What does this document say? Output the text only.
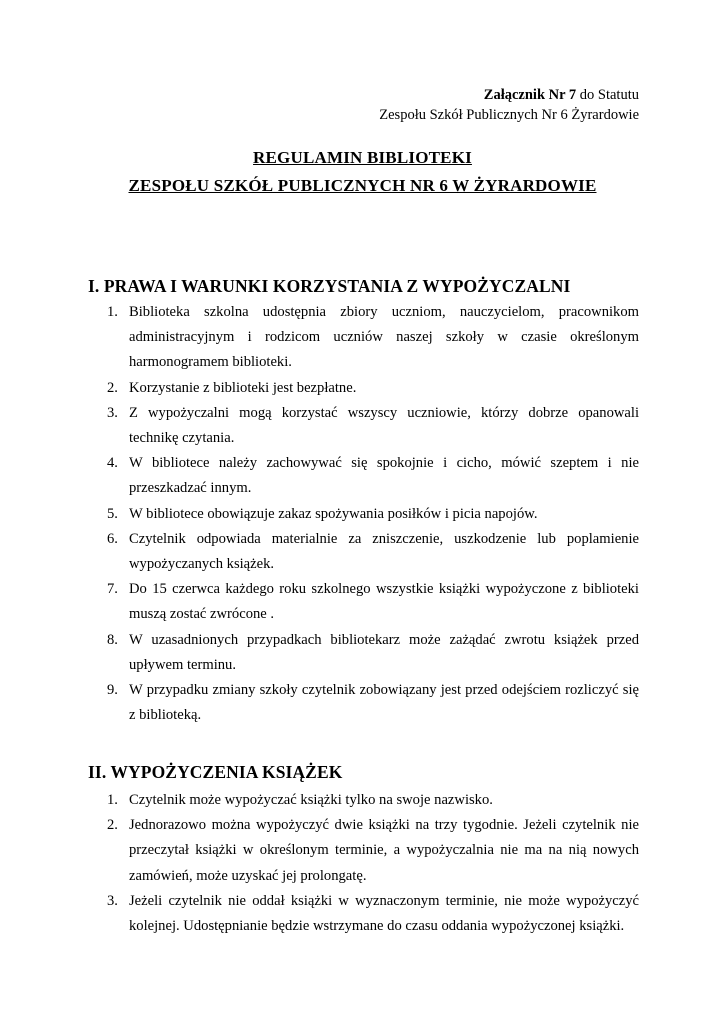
Załącznik Nr 7 do Statutu
Zespołu Szkół Publicznych Nr 6 Żyrardowie
REGULAMIN BIBLIOTEKI
ZESPOŁU SZKÓŁ PUBLICZNYCH NR 6 W ŻYRARDOWIE
I. PRAWA I WARUNKI KORZYSTANIA Z WYPOŻYCZALNI
1. Biblioteka szkolna udostępnia zbiory uczniom, nauczycielom, pracownikom administracyjnym i rodzicom uczniów naszej szkoły w czasie określonym harmonogramem biblioteki.
2. Korzystanie z biblioteki jest bezpłatne.
3. Z wypożyczalni mogą korzystać wszyscy uczniowie, którzy dobrze opanowali technikę czytania.
4. W bibliotece należy zachowywać się spokojnie i cicho, mówić szeptem i nie przeszkadzać innym.
5. W bibliotece obowiązuje zakaz spożywania posiłków i picia napojów.
6. Czytelnik odpowiada materialnie za zniszczenie, uszkodzenie lub poplamienie wypożyczanych książek.
7. Do 15 czerwca każdego roku szkolnego wszystkie książki wypożyczone z biblioteki muszą zostać zwrócone .
8. W uzasadnionych przypadkach bibliotekarz może zażądać zwrotu książek przed upływem terminu.
9. W przypadku zmiany szkoły czytelnik zobowiązany jest przed odejściem rozliczyć się z biblioteką.
II. WYPOŻYCZENIA KSIĄŻEK
1. Czytelnik może wypożyczać książki tylko na swoje nazwisko.
2. Jednorazowo można wypożyczyć dwie książki na trzy tygodnie. Jeżeli czytelnik nie przeczytał książki w określonym terminie, a wypożyczalnia nie ma na nią nowych zamówień, może uzyskać jej prolongatę.
3. Jeżeli czytelnik nie oddał książki w wyznaczonym terminie, nie może wypożyczyć kolejnej. Udostępnianie będzie wstrzymane do czasu oddania wypożyczonej książki.
